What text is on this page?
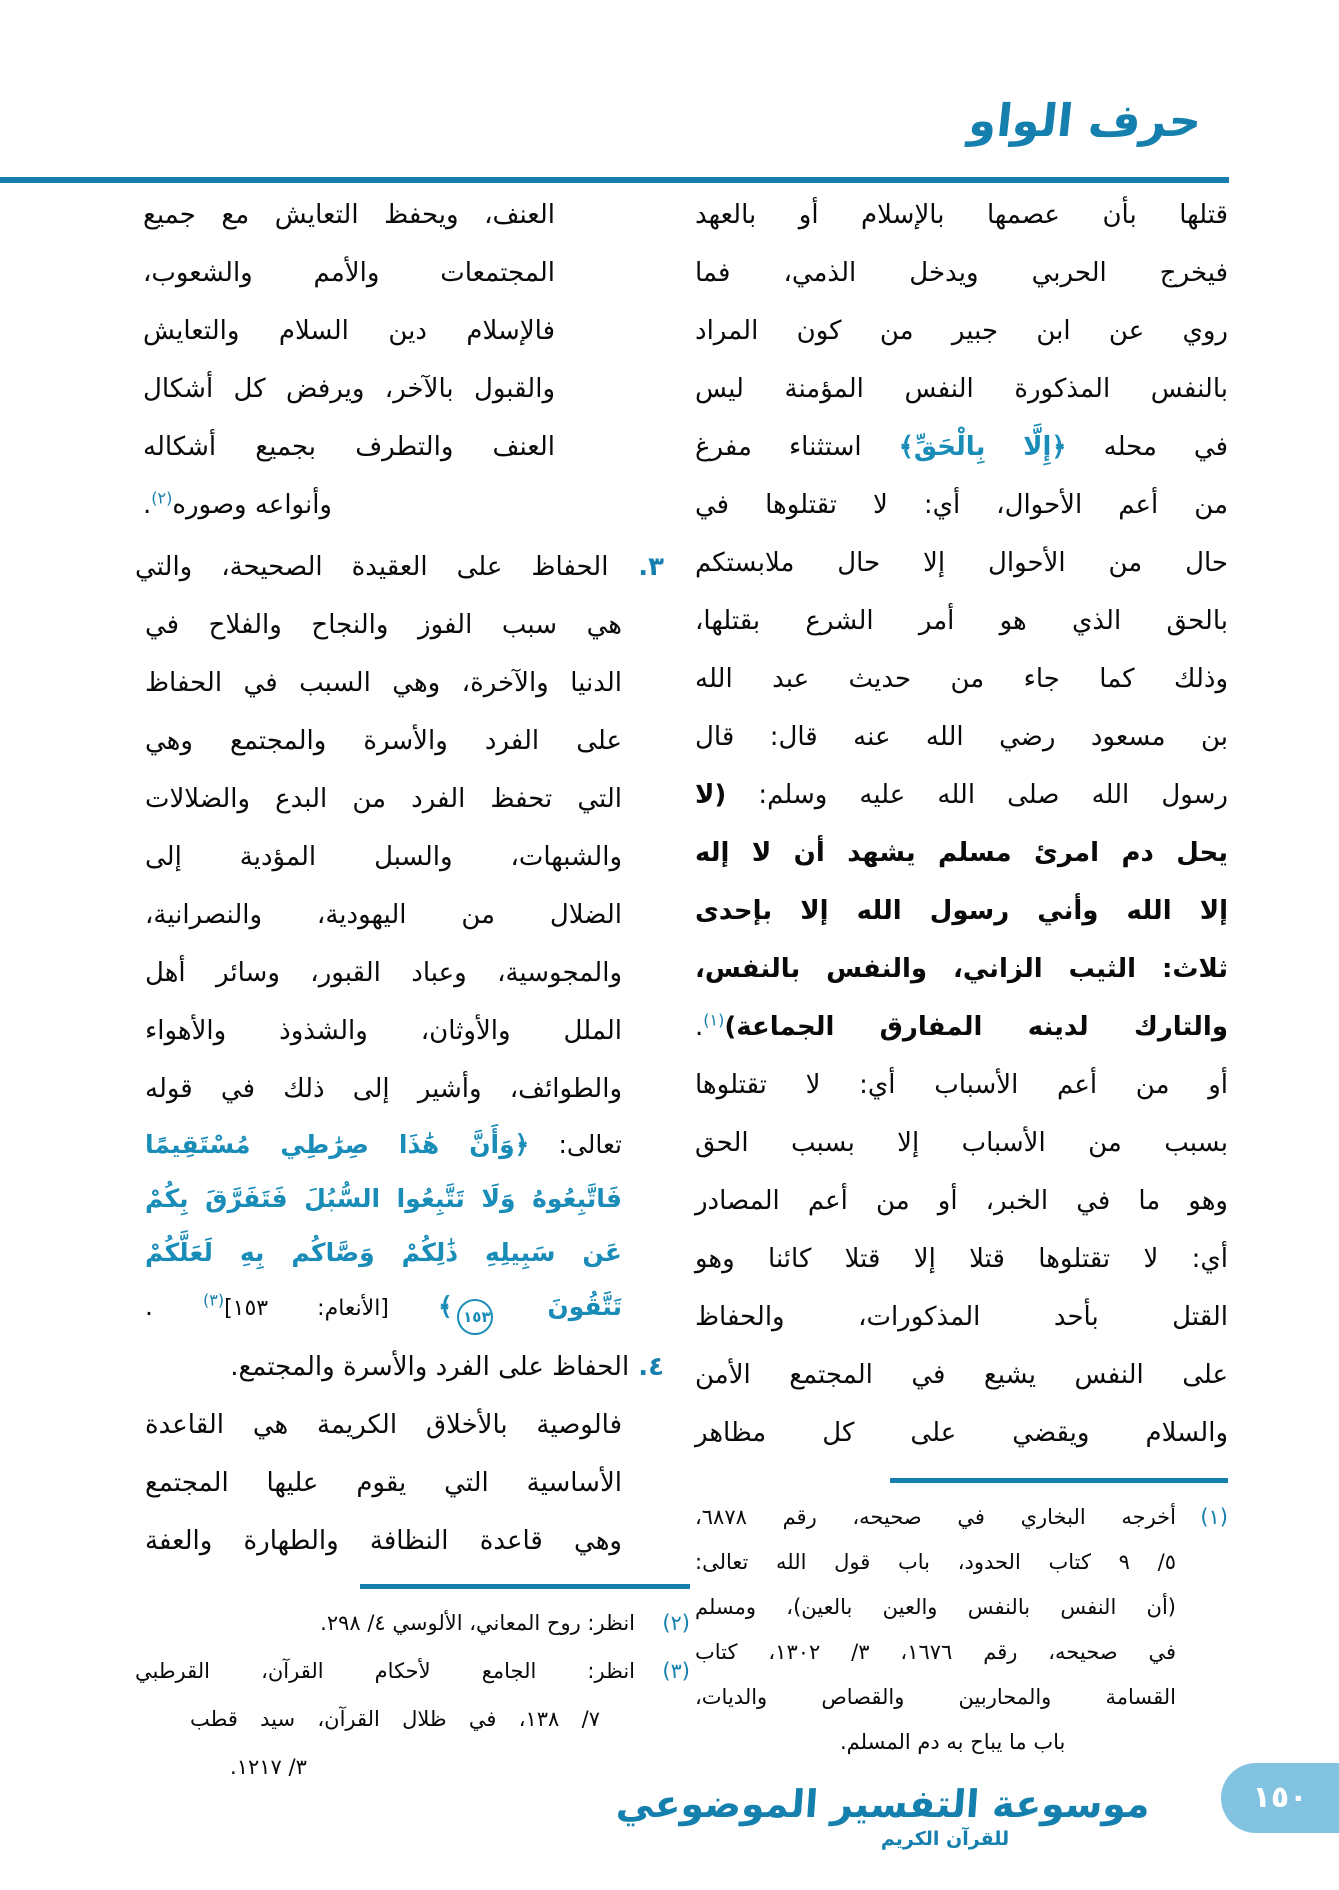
حرف الواو
قتلها بأن عصمها بالإسلام أو بالعهد
فيخرج الحربي ويدخل الذمي، فما
روي عن ابن جبير من كون المراد
بالنفس المذكورة النفس المؤمنة ليس
في محله ﴿إِلَّا بِالْحَقِّ﴾ استثناء مفرغ
من أعم الأحوال، أي: لا تقتلوها في
حال من الأحوال إلا حال ملابستكم
بالحق الذي هو أمر الشرع بقتلها،
وذلك كما جاء من حديث عبد الله
بن مسعود رضي الله عنه قال: قال
رسول الله صلى الله عليه وسلم: (لا
يحل دم امرئ مسلم يشهد أن لا إله
إلا الله وأني رسول الله إلا بإحدى
ثلاث: الثيب الزاني، والنفس بالنفس،
والتارك لدينه المفارق الجماعة)$^{(١)}$.
أو من أعم الأسباب أي: لا تقتلوها
بسبب من الأسباب إلا بسبب الحق
وهو ما في الخبر، أو من أعم المصادر
أي: لا تقتلوها قتلا إلا قتلا كائنا وهو
القتل بأحد المذكورات، والحفاظ
على النفس يشيع في المجتمع الأمن
والسلام ويقضي على كل مظاهر
(١)
أخرجه البخاري في صحيحه، رقم ٦٨٧٨،
٥/ ٩ كتاب الحدود، باب قول الله تعالى:
(أن النفس بالنفس والعين بالعين)، ومسلم
في صحيحه، رقم ١٦٧٦، ٣/ ١٣٠٢، كتاب
القسامة والمحاربين والقصاص والديات،
باب ما يباح به دم المسلم.
العنف، ويحفظ التعايش مع جميع
المجتمعات والأمم والشعوب،
فالإسلام دين السلام والتعايش
والقبول بالآخر، ويرفض كل أشكال
العنف والتطرف بجميع أشكاله
وأنواعه وصوره$^{(٢)}$.
٣. الحفاظ على العقيدة الصحيحة، والتي
هي سبب الفوز والنجاح والفلاح في
الدنيا والآخرة، وهي السبب في الحفاظ
على الفرد والأسرة والمجتمع وهي
التي تحفظ الفرد من البدع والضلالات
والشبهات، والسبل المؤدية إلى
الضلال من اليهودية، والنصرانية،
والمجوسية، وعباد القبور، وسائر أهل
الملل والأوثان، والشذوذ والأهواء
والطوائف، وأشير إلى ذلك في قوله
تعالى: ﴿وَأَنَّ هَٰذَا صِرَٰطِي مُسْتَقِيمًا
فَاتَّبِعُوهُ وَلَا تَتَّبِعُوا السُّبُلَ فَتَفَرَّقَ بِكُمْ
عَن سَبِيلِهِ ذَٰلِكُمْ وَصَّاكُم بِهِ لَعَلَّكُمْ
تَتَّقُونَ ١٥٣﴾ [الأنعام: ١٥٣]$^{(٣)}$ .
٤. الحفاظ على الفرد والأسرة والمجتمع.
فالوصية بالأخلاق الكريمة هي القاعدة
الأساسية التي يقوم عليها المجتمع
وهي قاعدة النظافة والطهارة والعفة
(٢)
انظر: روح المعاني، الألوسي ٤/ ٢٩٨.
(٣)
انظر: الجامع لأحكام القرآن، القرطبي
٧/ ١٣٨، في ظلال القرآن، سيد قطب
٣/ ١٢١٧.
موسوعة التفسير الموضوعي
للقرآن الكريم
١٥٠
